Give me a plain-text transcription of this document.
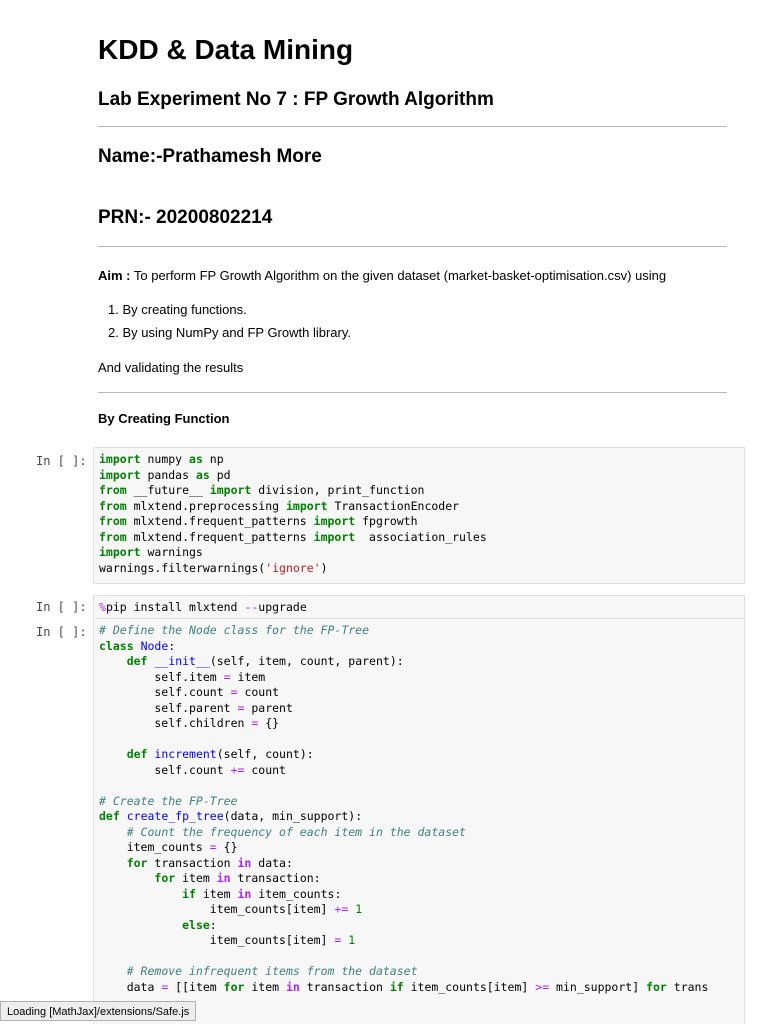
KDD & Data Mining
Lab Experiment No 7 : FP Growth Algorithm
Name:-Prathamesh More
PRN:- 20200802214
Aim : To perform FP Growth Algorithm on the given dataset (market-basket-optimisation.csv) using
1. By creating functions.
2. By using NumPy and FP Growth library.
And validating the results
By Creating Function
In [ ]:	import numpy as np
import pandas as pd
from __future__ import division, print_function
from mlxtend.preprocessing import TransactionEncoder
from mlxtend.frequent_patterns import fpgrowth
from mlxtend.frequent_patterns import  association_rules
import warnings
warnings.filterwarnings('ignore')
In [ ]:	%pip install mlxtend --upgrade
In [ ]:	# Define the Node class for the FP-Tree
class Node:
def __init__(self, item, count, parent):
self.item = item
self.count = count
self.parent = parent
self.children = {}

def increment(self, count):
self.count += count

# Create the FP-Tree
def create_fp_tree(data, min_support):
# Count the frequency of each item in the dataset
item_counts = {}
for transaction in data:
for item in transaction:
if item in item_counts:
item_counts[item] += 1
else:
item_counts[item] = 1

# Remove infrequent items from the dataset
data = [[item for item in transaction if item_counts[item] >= min_support] for trans
Loading [MathJax]/extensions/Safe.js
